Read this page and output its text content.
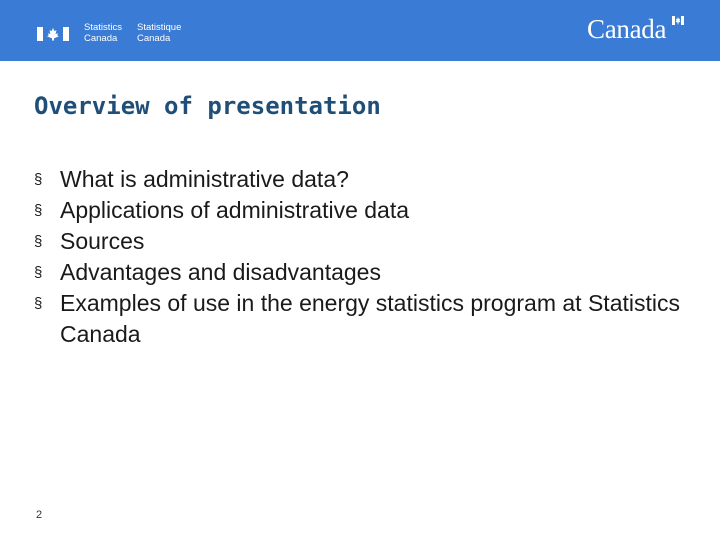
Statistics
Canada
Statistique
Canada	Canada
Overview of presentation
§ What is administrative data?
§ Applications of administrative data
§ Sources
§ Advantages and disadvantages
§ Examples of use in the energy statistics program at Statistics Canada
2
